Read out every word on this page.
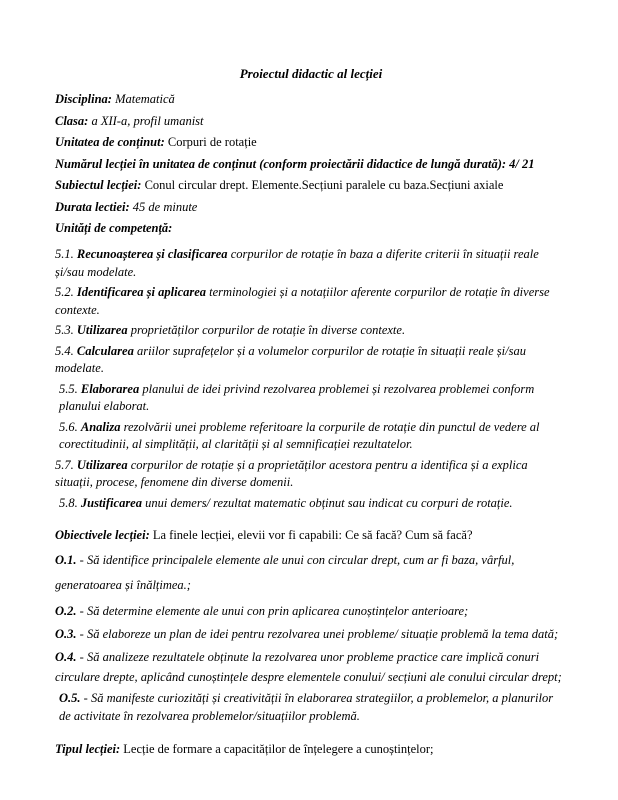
Proiectul didactic al lecției

Disciplina: Matematică

Clasa: a XII-a, profil umanist

Unitatea de conținut: Corpuri de rotație

Numărul lecției în unitatea de conținut (conform proiectării didactice de lungă durată): 4/ 21

Subiectul lecției: Conul circular drept. Elemente.Secțiuni paralele cu baza.Secțiuni axiale

Durata lectiei: 45 de minute

Unități de competență:

5.1. Recunoașterea și clasificarea corpurilor de rotație în baza a diferite criterii în situații reale și/sau modelate.

5.2. Identificarea și aplicarea terminologiei și a notațiilor aferente corpurilor de rotație în diverse contexte.

5.3. Utilizarea proprietăților corpurilor de rotație în diverse contexte.

5.4. Calcularea ariilor suprafețelor și a volumelor corpurilor de rotație în situații reale și/sau modelate.

5.5. Elaborarea planului de idei privind rezolvarea problemei și rezolvarea problemei conform planului elaborat.

5.6. Analiza rezolvării unei probleme referitoare la corpurile de rotație din punctul de vedere al corectitudinii, al simplității, al clarității și al semnificației rezultatelor.

5.7. Utilizarea corpurilor de rotație și a proprietăților acestora pentru a identifica și a explica situații, procese, fenomene din diverse domenii.

5.8. Justificarea unui demers/ rezultat matematic obținut sau indicat cu corpuri de rotație.

Obiectivele lecției: La finele lecției, elevii vor fi capabili: Ce să facă? Cum să facă?

O.1. - Să identifice principalele elemente ale unui con circular drept, cum ar fi baza, vârful, generatoarea și înălțimea.;

O.2. - Să determine elemente ale unui con prin aplicarea cunoștințelor anterioare;

O.3. - Să elaboreze un plan de idei pentru rezolvarea unei probleme/ situație problemă la tema dată;

O.4. - Să analizeze rezultatele obținute la rezolvarea unor probleme practice care implică conuri circulare drepte, aplicând cunoștințele despre elementele conului/ secțiuni ale conului circular drept;

O.5. - Să manifeste curiozități și creativității în elaborarea strategiilor, a problemelor, a planurilor de activitate în rezolvarea problemelor/situațiilor problemă.

Tipul lecției: Lecție de formare a capacităților de înțelegere a cunoștințelor;
